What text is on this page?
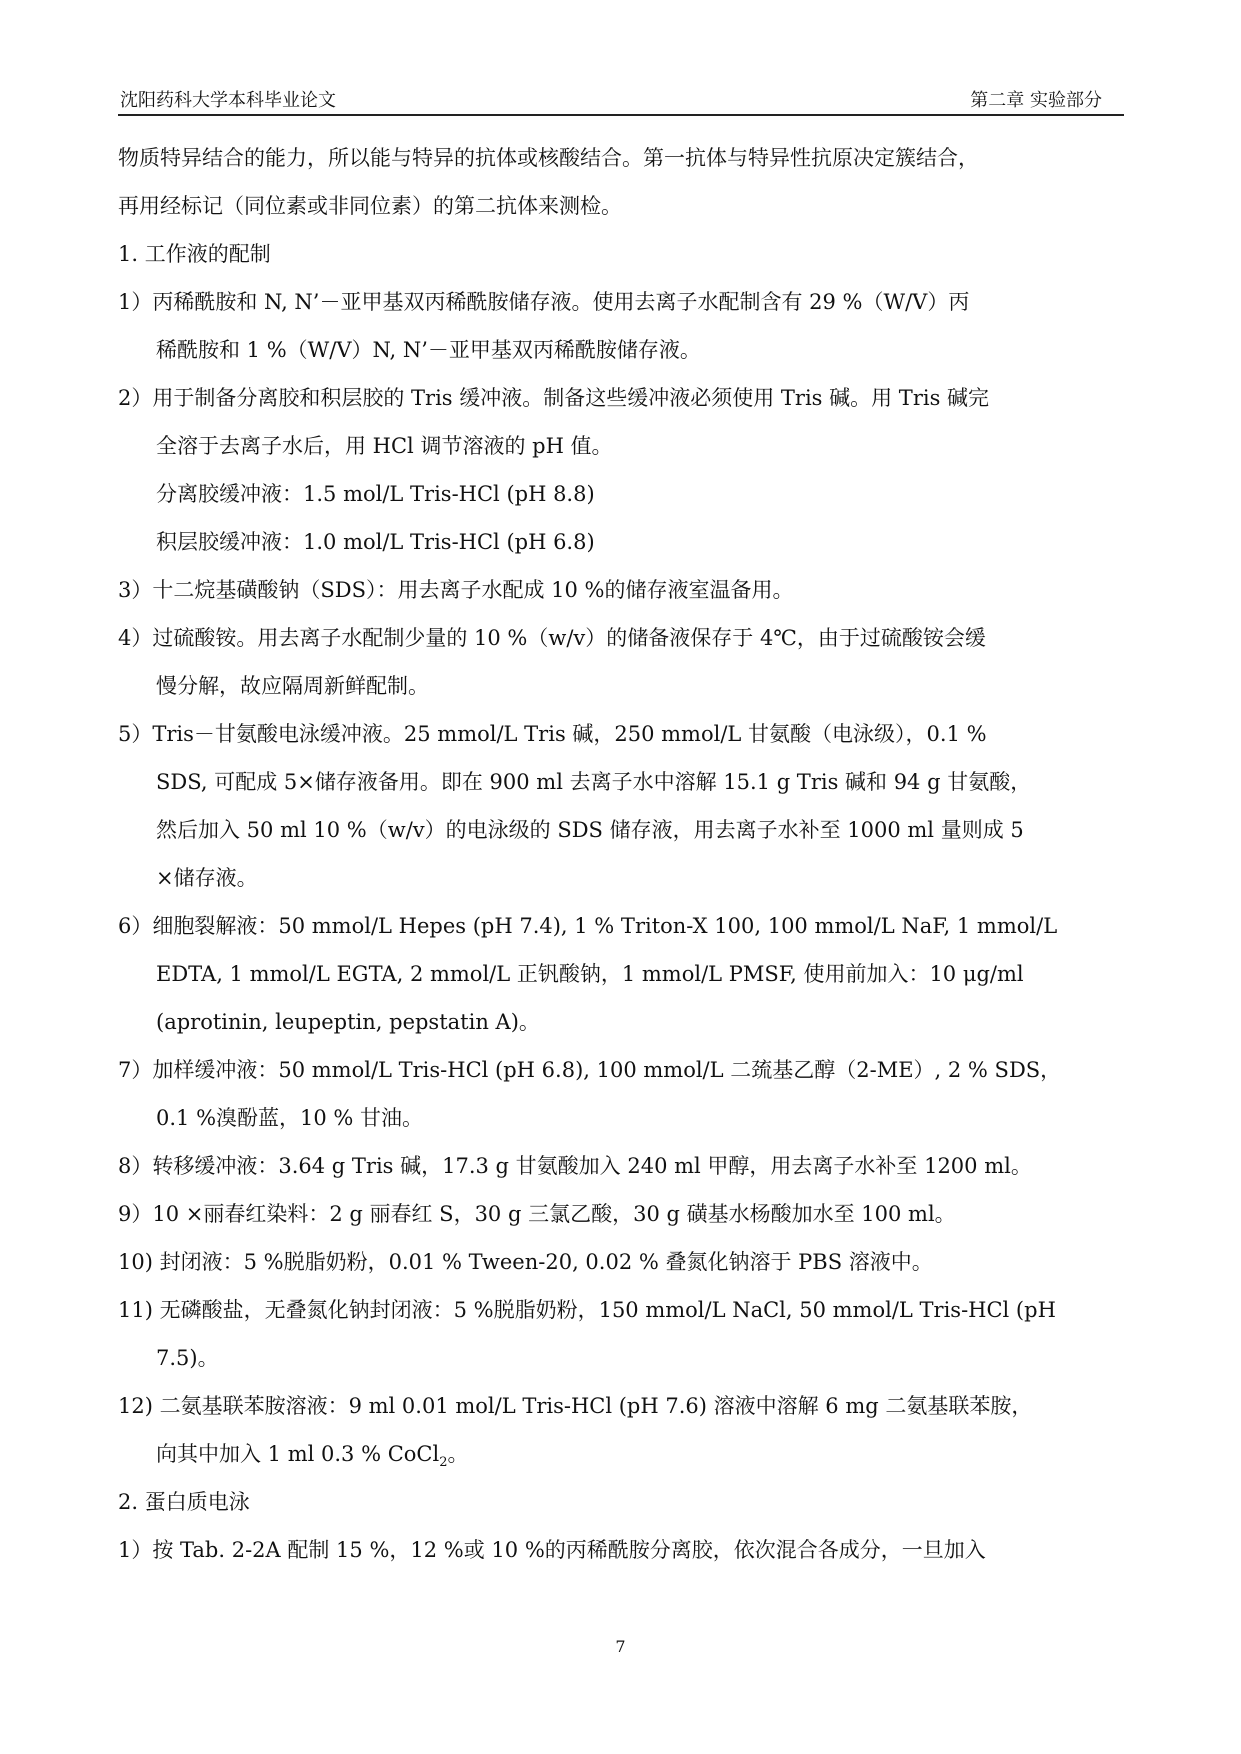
沈阳药科大学本科毕业论文	第二章 实验部分
物质特异结合的能力，所以能与特异的抗体或核酸结合。第一抗体与特异性抗原决定簇结合，
再用经标记（同位素或非同位素）的第二抗体来测检。
1. 工作液的配制
1）丙稀酰胺和 N, N’－亚甲基双丙稀酰胺储存液。使用去离子水配制含有 29 %（W/V）丙
稀酰胺和 1 %（W/V）N, N’－亚甲基双丙稀酰胺储存液。
2）用于制备分离胶和积层胶的 Tris 缓冲液。制备这些缓冲液必须使用 Tris 碱。用 Tris 碱完
全溶于去离子水后，用 HCl 调节溶液的 pH 值。
分离胶缓冲液：1.5 mol/L Tris-HCl (pH 8.8)
积层胶缓冲液：1.0 mol/L Tris-HCl (pH 6.8)
3）十二烷基磺酸钠（SDS）：用去离子水配成 10 %的储存液室温备用。
4）过硫酸铵。用去离子水配制少量的 10 %（w/v）的储备液保存于 4℃，由于过硫酸铵会缓
慢分解，故应隔周新鲜配制。
5）Tris－甘氨酸电泳缓冲液。25 mmol/L Tris 碱，250 mmol/L 甘氨酸（电泳级），0.1 %
SDS, 可配成 5×储存液备用。即在 900 ml 去离子水中溶解 15.1 g Tris 碱和 94 g 甘氨酸，
然后加入 50 ml 10 %（w/v）的电泳级的 SDS 储存液，用去离子水补至 1000 ml 量则成 5
×储存液。
6）细胞裂解液：50 mmol/L Hepes (pH 7.4), 1 % Triton-X 100, 100 mmol/L NaF, 1 mmol/L
EDTA, 1 mmol/L EGTA, 2 mmol/L 正钒酸钠，1 mmol/L PMSF, 使用前加入：10 μg/ml
(aprotinin, leupeptin, pepstatin A)。
7）加样缓冲液：50 mmol/L Tris-HCl (pH 6.8), 100 mmol/L 二巯基乙醇（2-ME）, 2 % SDS，
0.1 %溴酚蓝，10 % 甘油。
8）转移缓冲液：3.64 g Tris 碱，17.3 g 甘氨酸加入 240 ml 甲醇，用去离子水补至 1200 ml。
9）10 ×丽春红染料：2 g 丽春红 S，30 g 三氯乙酸，30 g 磺基水杨酸加水至 100 ml。
10) 封闭液：5 %脱脂奶粉，0.01 % Tween-20, 0.02 % 叠氮化钠溶于 PBS 溶液中。
11) 无磷酸盐，无叠氮化钠封闭液：5 %脱脂奶粉，150 mmol/L NaCl, 50 mmol/L Tris-HCl (pH
7.5)。
12) 二氨基联苯胺溶液：9 ml 0.01 mol/L Tris-HCl (pH 7.6) 溶液中溶解 6 mg 二氨基联苯胺，
向其中加入 1 ml 0.3 % CoCl$_2$。
2. 蛋白质电泳
1）按 Tab. 2-2A 配制 15 %，12 %或 10 %的丙稀酰胺分离胶，依次混合各成分，一旦加入
7
